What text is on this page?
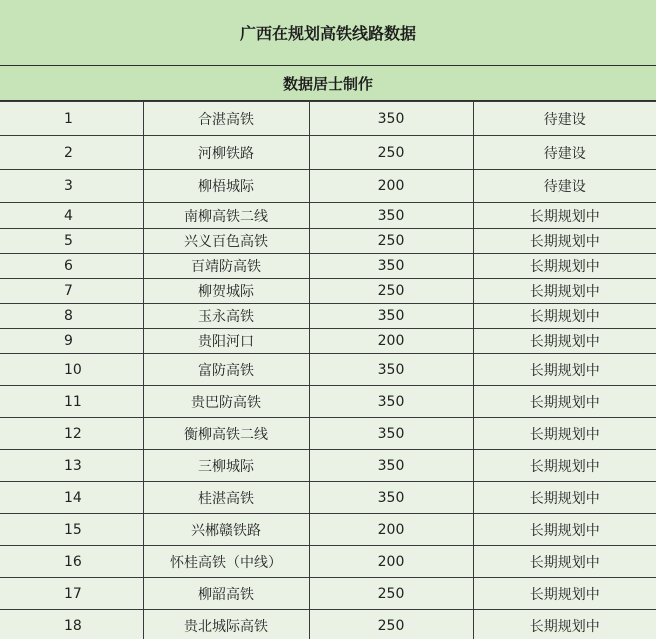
广西在规划高铁线路数据
数据居士制作
1	合湛高铁	350	待建设
2	河柳铁路	250	待建设
3	柳梧城际	200	待建设
4	南柳高铁二线	350	长期规划中
5	兴义百色高铁	250	长期规划中
6	百靖防高铁	350	长期规划中
7	柳贺城际	250	长期规划中
8	玉永高铁	350	长期规划中
9	贵阳河口	200	长期规划中
10	富防高铁	350	长期规划中
11	贵巴防高铁	350	长期规划中
12	衡柳高铁二线	350	长期规划中
13	三柳城际	350	长期规划中
14	桂湛高铁	350	长期规划中
15	兴郴赣铁路	200	长期规划中
16	怀桂高铁（中线）	200	长期规划中
17	柳韶高铁	250	长期规划中
18	贵北城际高铁	250	长期规划中
